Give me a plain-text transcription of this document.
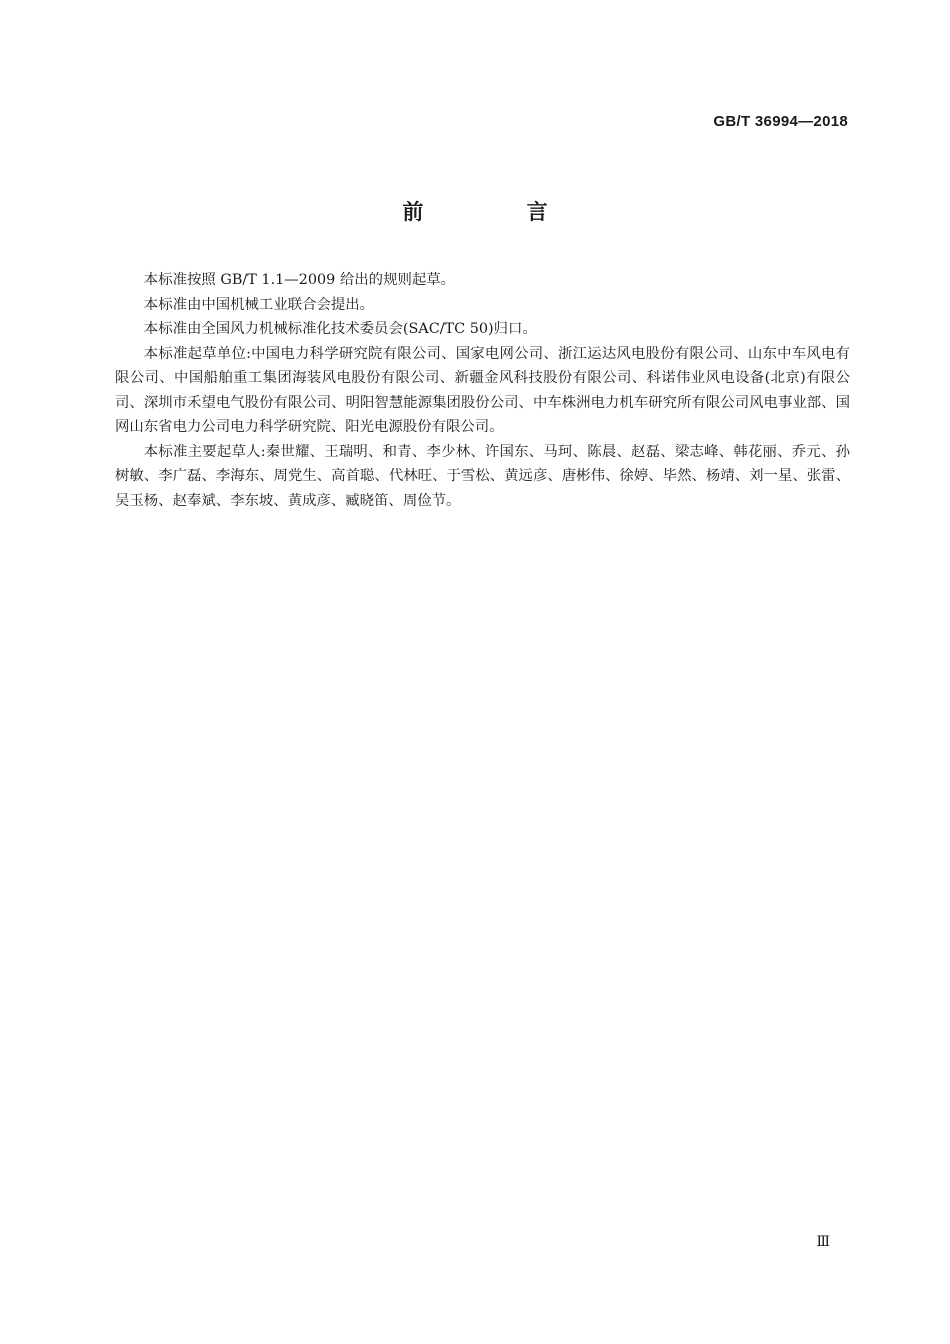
GB/T 36994—2018
前 言

本标准按照 GB/T 1.1—2009 给出的规则起草。

本标准由中国机械工业联合会提出。

本标准由全国风力机械标准化技术委员会(SAC/TC 50)归口。

本标准起草单位:中国电力科学研究院有限公司、国家电网公司、浙江运达风电股份有限公司、山东中车风电有限公司、中国船舶重工集团海装风电股份有限公司、新疆金风科技股份有限公司、科诺伟业风电设备(北京)有限公司、深圳市禾望电气股份有限公司、明阳智慧能源集团股份公司、中车株洲电力机车研究所有限公司风电事业部、国网山东省电力公司电力科学研究院、阳光电源股份有限公司。

本标准主要起草人:秦世耀、王瑞明、和青、李少林、许国东、马珂、陈晨、赵磊、梁志峰、韩花丽、乔元、孙树敏、李广磊、李海东、周党生、高首聪、代林旺、于雪松、黄远彦、唐彬伟、徐婷、毕然、杨靖、刘一星、张雷、吴玉杨、赵奉斌、李东坡、黄成彦、臧晓笛、周俭节。

Ⅲ
